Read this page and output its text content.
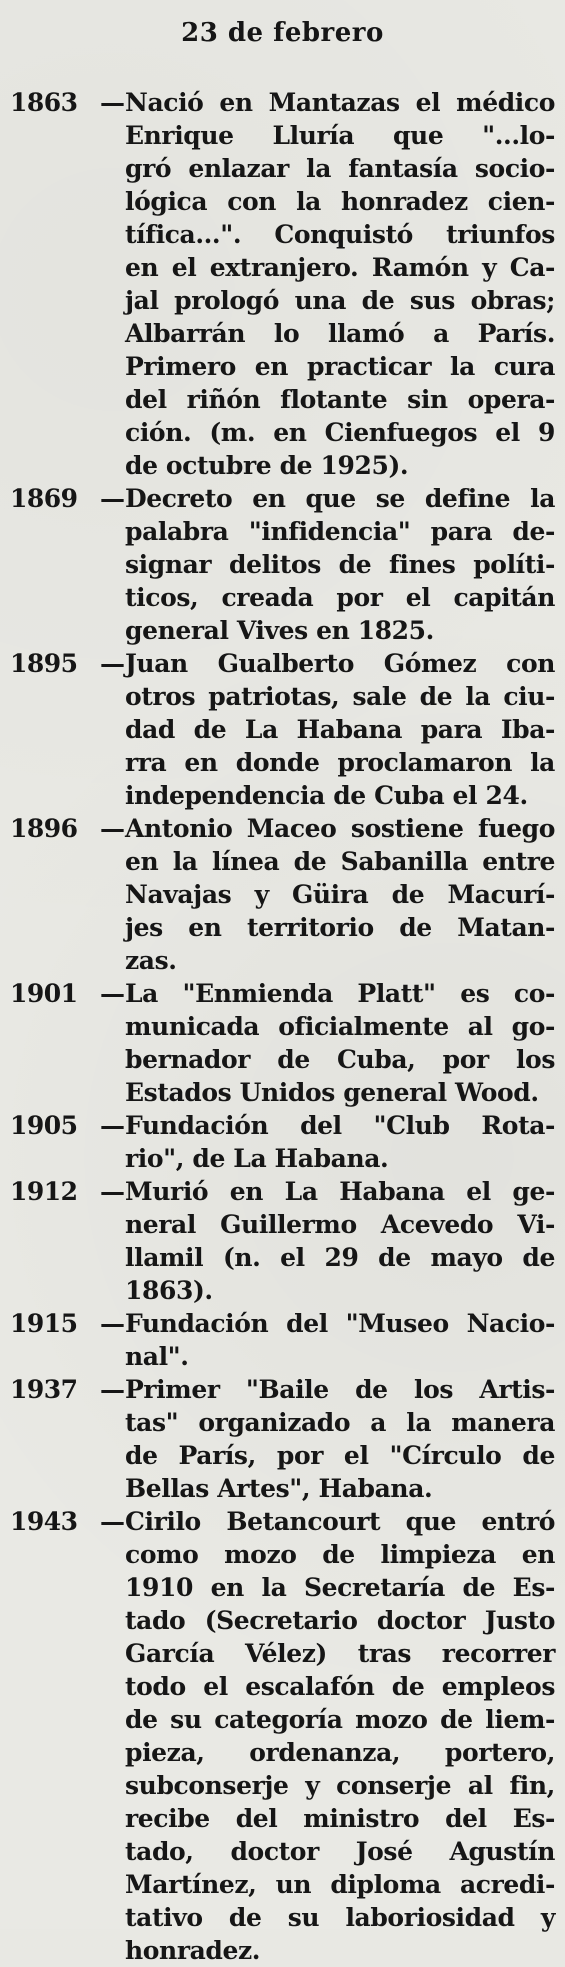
23 de febrero
1863 — Nació en Mantazas el médico
Enrique Lluría que "...lo-
gró enlazar la fantasía socio-
lógica con la honradez cien-
tífica...". Conquistó triunfos
en el extranjero. Ramón y Ca-
jal prologó una de sus obras;
Albarrán lo llamó a París.
Primero en practicar la cura
del riñón flotante sin opera-
ción. (m. en Cienfuegos el 9
de octubre de 1925).
1869 — Decreto en que se define la
palabra "infidencia" para de-
signar delitos de fines políti-
ticos, creada por el capitán
general Vives en 1825.
1895 — Juan Gualberto Gómez con
otros patriotas, sale de la ciu-
dad de La Habana para Iba-
rra en donde proclamaron la
independencia de Cuba el 24.
1896 — Antonio Maceo sostiene fuego
en la línea de Sabanilla entre
Navajas y Güira de Macurí-
jes en territorio de Matan-
zas.
1901 — La "Enmienda Platt" es co-
municada oficialmente al go-
bernador de Cuba, por los
Estados Unidos general Wood.
1905 — Fundación del "Club Rota-
rio", de La Habana.
1912 — Murió en La Habana el ge-
neral Guillermo Acevedo Vi-
llamil (n. el 29 de mayo de
1863).
1915 — Fundación del "Museo Nacio-
nal".
1937 — Primer "Baile de los Artis-
tas" organizado a la manera
de París, por el "Círculo de
Bellas Artes", Habana.
1943 — Cirilo Betancourt que entró
como mozo de limpieza en
1910 en la Secretaría de Es-
tado (Secretario doctor Justo
García Vélez) tras recorrer
todo el escalafón de empleos
de su categoría mozo de liem-
pieza, ordenanza, portero,
subconserje y conserje al fin,
recibe del ministro del Es-
tado, doctor José Agustín
Martínez, un diploma acredi-
tativo de su laboriosidad y
honradez.
